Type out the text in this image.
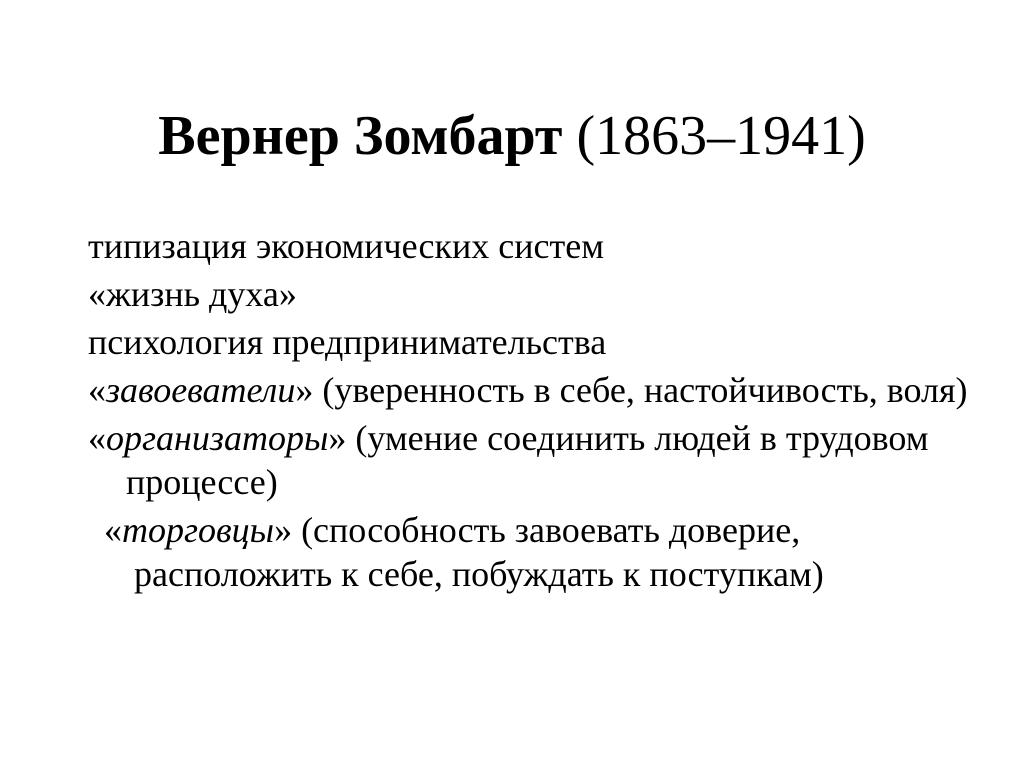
Вернер Зомбарт (1863–1941)
типизация экономических систем
«жизнь духа»
психология предпринимательства
«завоеватели» (уверенность в себе, настойчивость, воля)
«организаторы» (умение соединить людей в трудовом процессе)
«торговцы» (способность завоевать доверие, расположить к себе, побуждать к поступкам)
